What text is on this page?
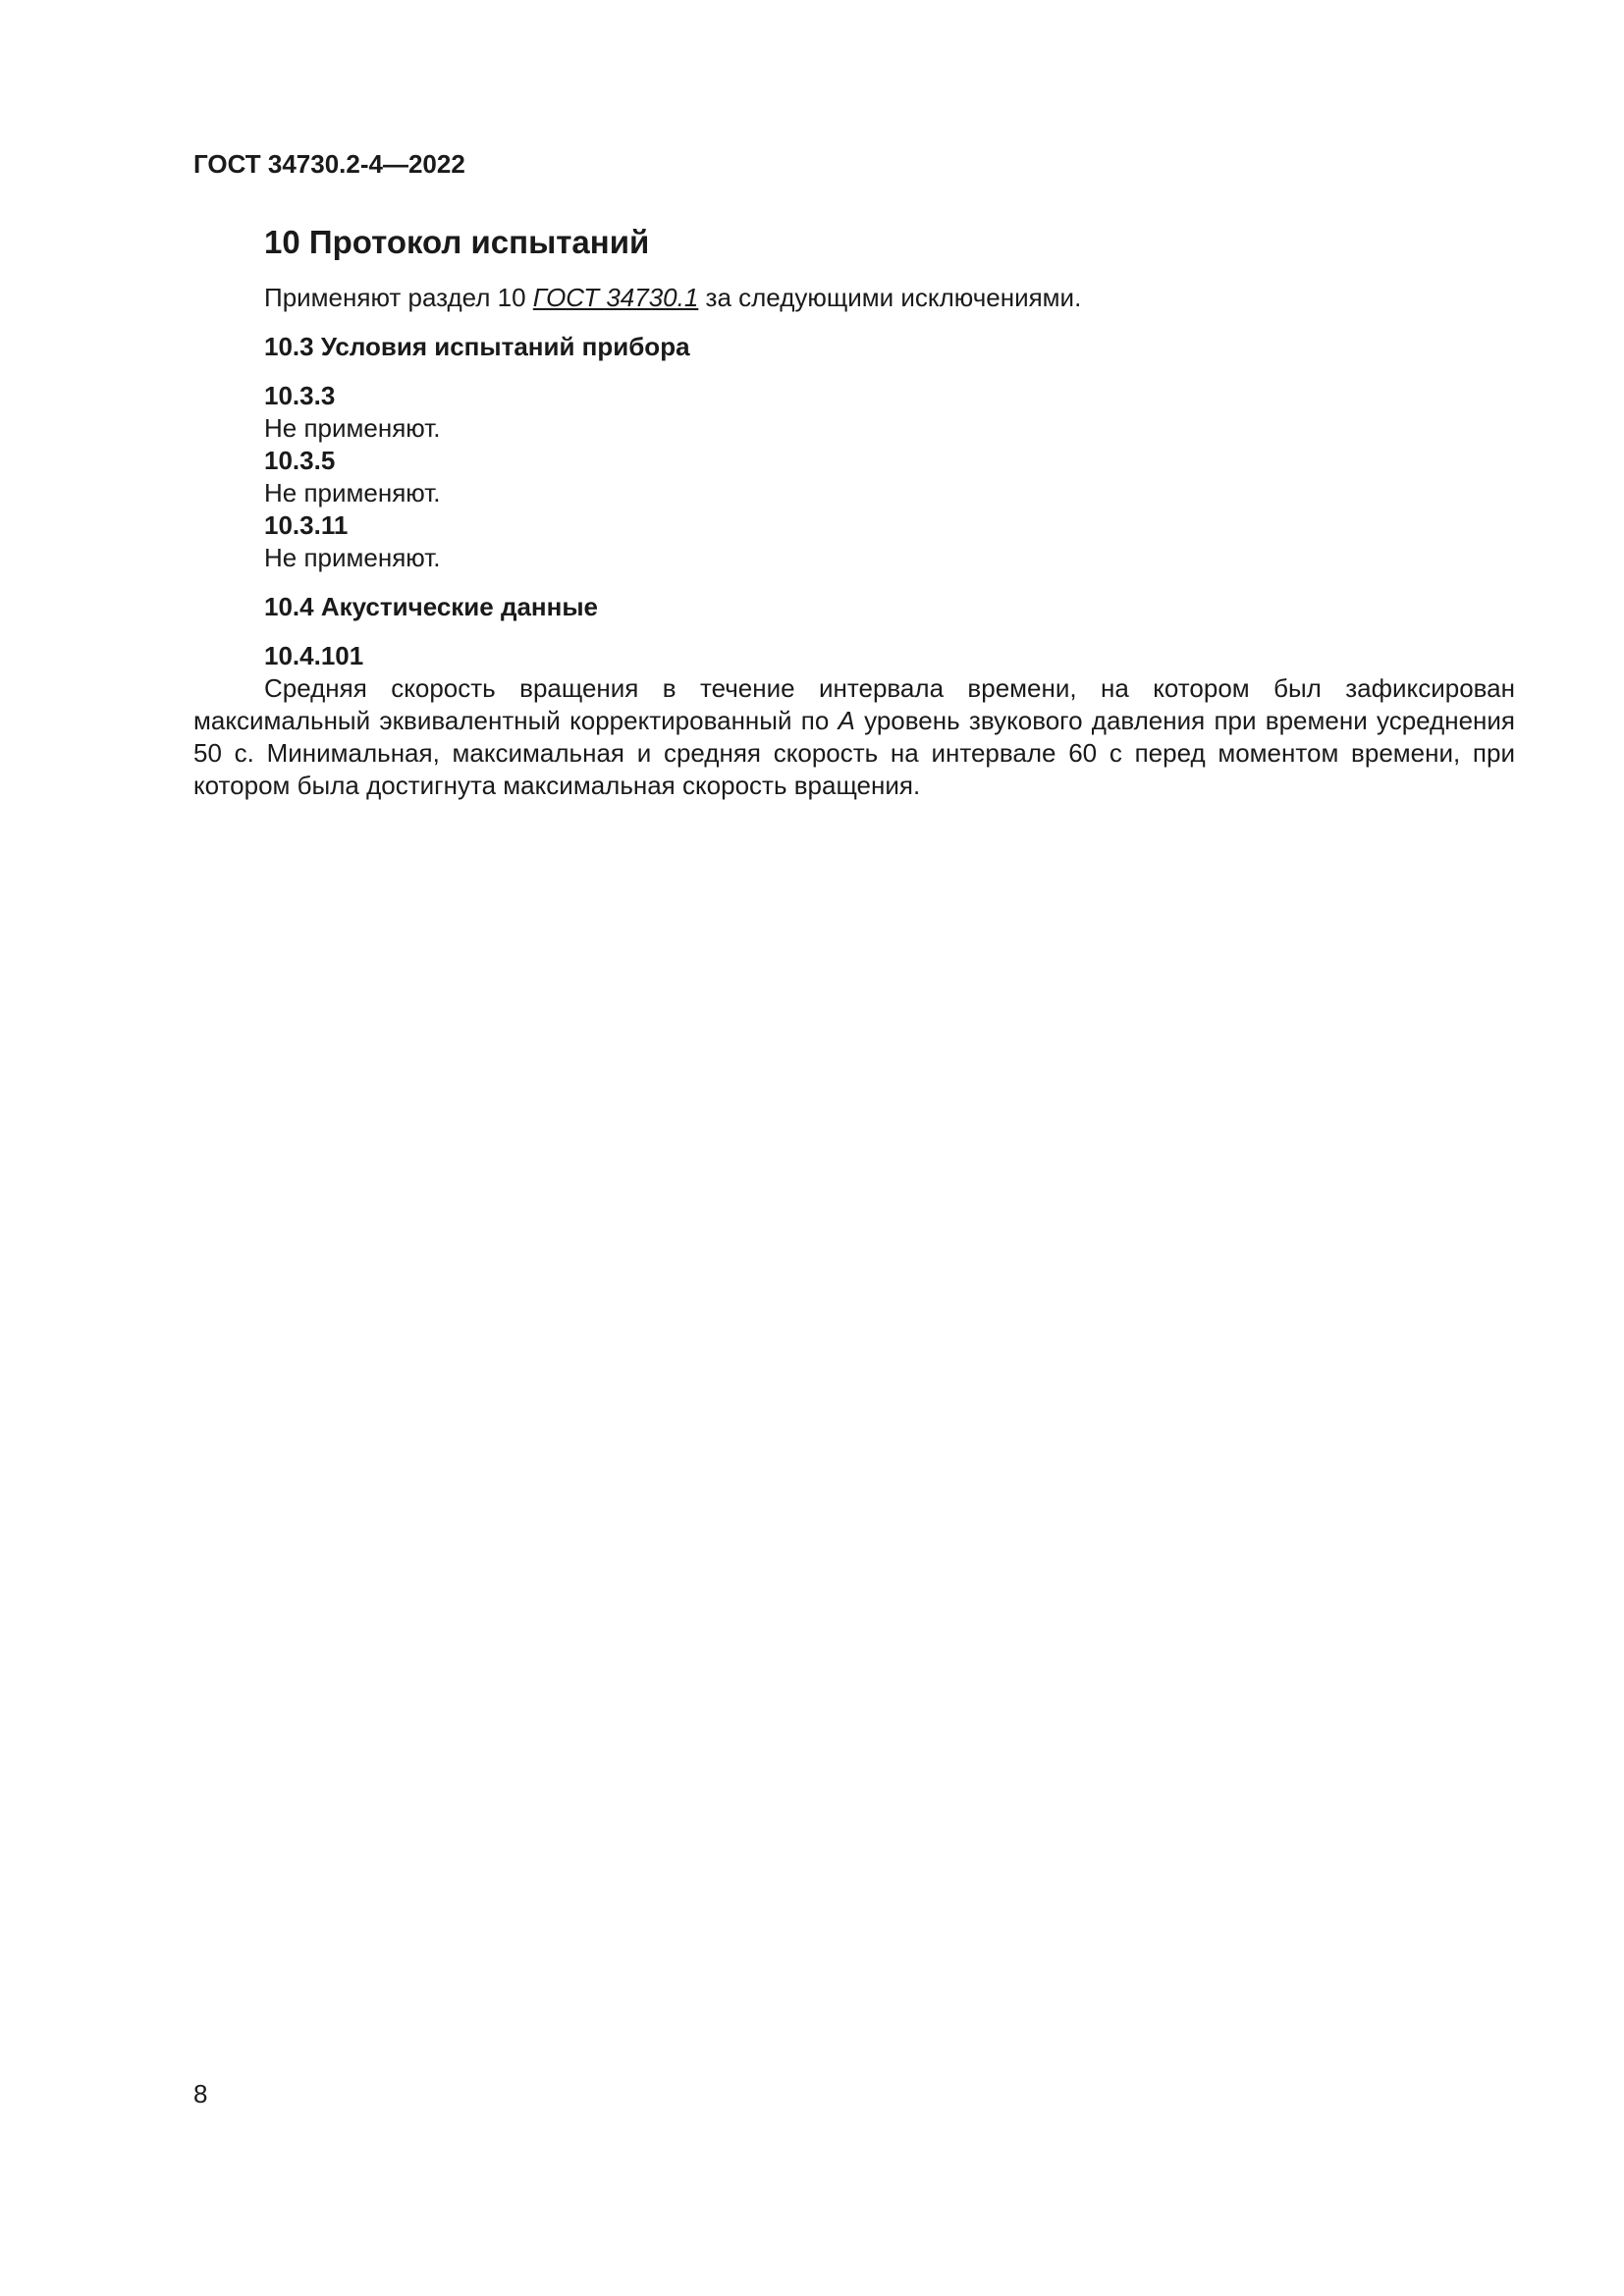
ГОСТ 34730.2-4—2022

10 Протокол испытаний

Применяют раздел 10 ГОСТ 34730.1 за следующими исключениями.

10.3 Условия испытаний прибора

10.3.3

Не применяют.

10.3.5

Не применяют.

10.3.11

Не применяют.

10.4 Акустические данные

10.4.101

Средняя скорость вращения в течение интервала времени, на котором был зафиксирован максимальный эквивалентный корректированный по А уровень звукового давления при времени усреднения 50 с. Минимальная, максимальная и средняя скорость на интервале 60 с перед моментом времени, при котором была достигнута максимальная скорость вращения.

8
